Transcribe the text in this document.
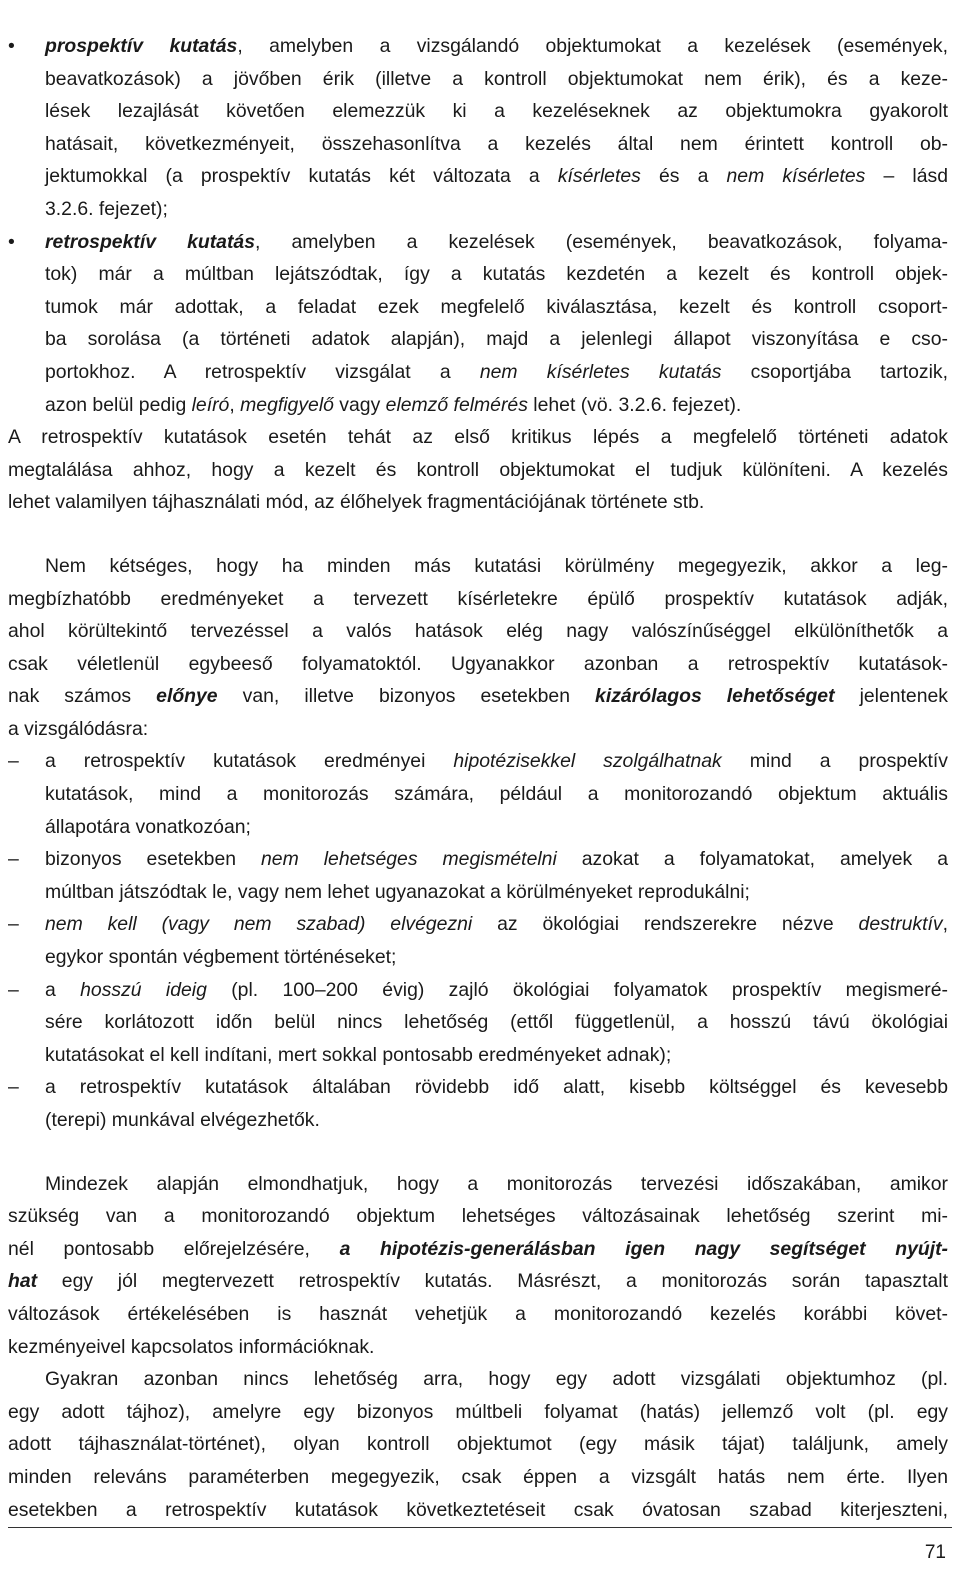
• prospektív kutatás, amelyben a vizsgálandó objektumokat a kezelések (események,
beavatkozások) a jövőben érik (illetve a kontroll objektumokat nem érik), és a keze-
lések lezajlását követően elemezzük ki a kezeléseknek az objektumokra gyakorolt
hatásait, következményeit, összehasonlítva a kezelés által nem érintett kontroll ob-
jektumokkal (a prospektív kutatás két változata a kísérletes és a nem kísérletes – lásd
3.2.6. fejezet);
• retrospektív kutatás, amelyben a kezelések (események, beavatkozások, folyama-
tok) már a múltban lejátszódtak, így a kutatás kezdetén a kezelt és kontroll objek-
tumok már adottak, a feladat ezek megfelelő kiválasztása, kezelt és kontroll csoport-
ba sorolása (a történeti adatok alapján), majd a jelenlegi állapot viszonyítása e cso-
portokhoz. A retrospektív vizsgálat a nem kísérletes kutatás csoportjába tartozik,
azon belül pedig leíró, megfigyelő vagy elemző felmérés lehet (vö. 3.2.6. fejezet).
A retrospektív kutatások esetén tehát az első kritikus lépés a megfelelő történeti adatok
megtalálása ahhoz, hogy a kezelt és kontroll objektumokat el tudjuk különíteni. A kezelés
lehet valamilyen tájhasználati mód, az élőhelyek fragmentációjának története stb.
Nem kétséges, hogy ha minden más kutatási körülmény megegyezik, akkor a leg-
megbízhatóbb eredményeket a tervezett kísérletekre épülő prospektív kutatások adják,
ahol körültekintő tervezéssel a valós hatások elég nagy valószínűséggel elkülöníthetők a
csak véletlenül egybeeső folyamatoktól. Ugyanakkor azonban a retrospektív kutatások-
nak számos előnye van, illetve bizonyos esetekben kizárólagos lehetőséget jelentenek
a vizsgálódásra:
– a retrospektív kutatások eredményei hipotézisekkel szolgálhatnak mind a prospektív
kutatások, mind a monitorozás számára, például a monitorozandó objektum aktuális
állapotára vonatkozóan;
– bizonyos esetekben nem lehetséges megismételni azokat a folyamatokat, amelyek a
múltban játszódtak le, vagy nem lehet ugyanazokat a körülményeket reprodukálni;
– nem kell (vagy nem szabad) elvégezni az ökológiai rendszerekre nézve destruktív,
egykor spontán végbement történéseket;
– a hosszú ideig (pl. 100–200 évig) zajló ökológiai folyamatok prospektív megismeré-
sére korlátozott időn belül nincs lehetőség (ettől függetlenül, a hosszú távú ökológiai
kutatásokat el kell indítani, mert sokkal pontosabb eredményeket adnak);
– a retrospektív kutatások általában rövidebb idő alatt, kisebb költséggel és kevesebb
(terepi) munkával elvégezhetők.
Mindezek alapján elmondhatjuk, hogy a monitorozás tervezési időszakában, amikor
szükség van a monitorozandó objektum lehetséges változásainak lehetőség szerint mi-
nél pontosabb előrejelzésére, a hipotézis-generálásban igen nagy segítséget nyújt-
hat egy jól megtervezett retrospektív kutatás. Másrészt, a monitorozás során tapasztalt
változások értékelésében is hasznát vehetjük a monitorozandó kezelés korábbi követ-
kezményeivel kapcsolatos információknak.
Gyakran azonban nincs lehetőség arra, hogy egy adott vizsgálati objektumhoz (pl.
egy adott tájhoz), amelyre egy bizonyos múltbeli folyamat (hatás) jellemző volt (pl. egy
adott tájhasználat-történet), olyan kontroll objektumot (egy másik tájat) találjunk, amely
minden releváns paraméterben megegyezik, csak éppen a vizsgált hatás nem érte. Ilyen
esetekben a retrospektív kutatások következtetéseit csak óvatosan szabad kiterjeszteni,
71
